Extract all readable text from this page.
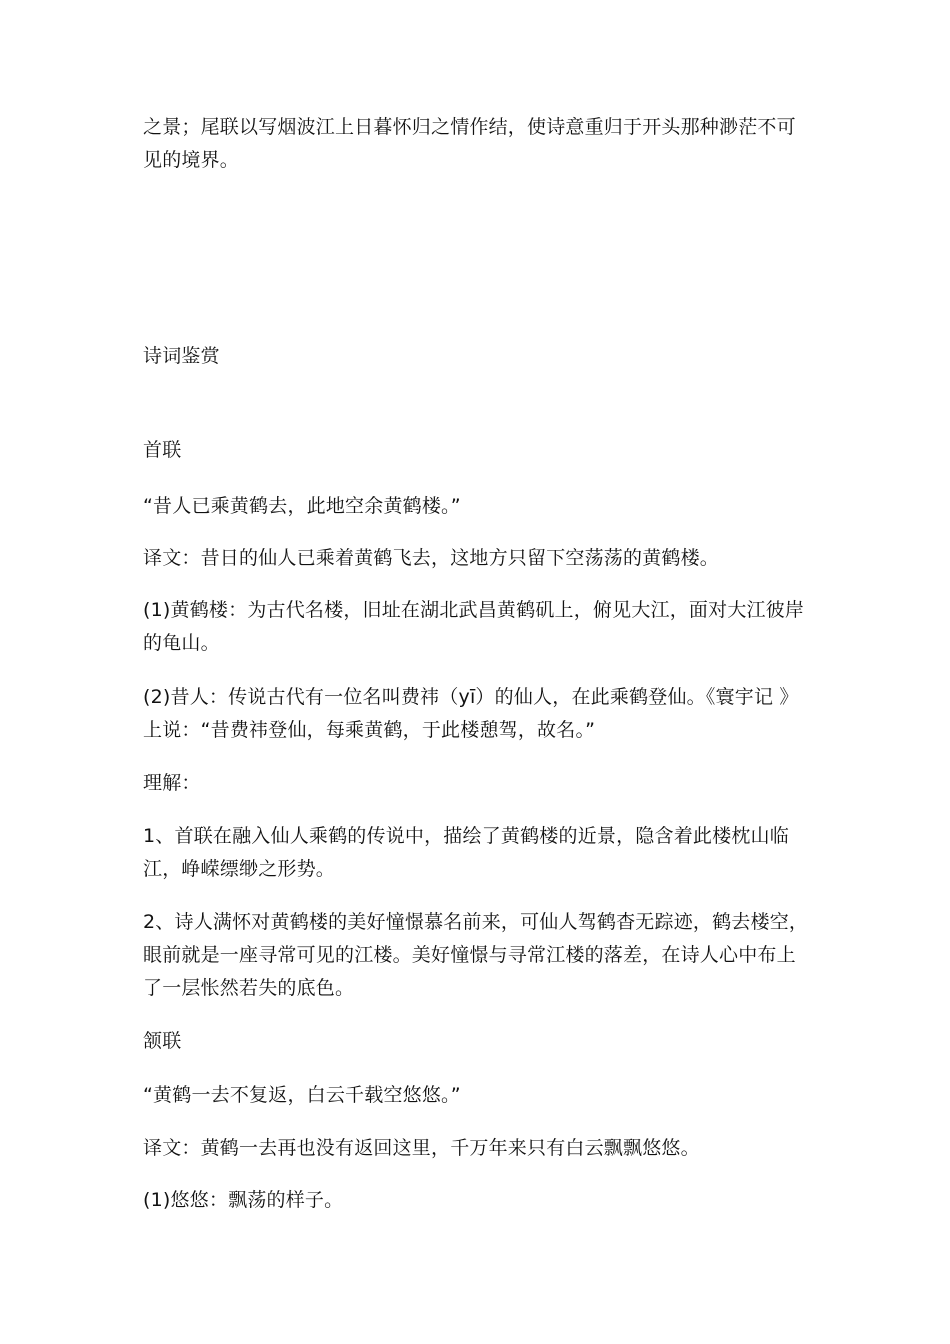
之景；尾联以写烟波江上日暮怀归之情作结，使诗意重归于开头那种渺茫不可
见的境界。
诗词鉴赏
首联
“昔人已乘黄鹤去，此地空余黄鹤楼。”
译文：昔日的仙人已乘着黄鹤飞去，这地方只留下空荡荡的黄鹤楼。
(1)黄鹤楼：为古代名楼，旧址在湖北武昌黄鹤矶上，俯见大江，面对大江彼岸
的龟山。
(2)昔人：传说古代有一位名叫费祎（yī）的仙人，在此乘鹤登仙。《寰宇记 》
上说：“昔费祎登仙，每乘黄鹤，于此楼憩驾，故名。”
理解：
1、首联在融入仙人乘鹤的传说中，描绘了黄鹤楼的近景，隐含着此楼枕山临
江，峥嵘缥缈之形势。
2、诗人满怀对黄鹤楼的美好憧憬慕名前来，可仙人驾鹤杳无踪迹，鹤去楼空，
眼前就是一座寻常可见的江楼。美好憧憬与寻常江楼的落差，在诗人心中布上
了一层怅然若失的底色。
颔联
“黄鹤一去不复返，白云千载空悠悠。”
译文：黄鹤一去再也没有返回这里，千万年来只有白云飘飘悠悠。
(1)悠悠：飘荡的样子。
